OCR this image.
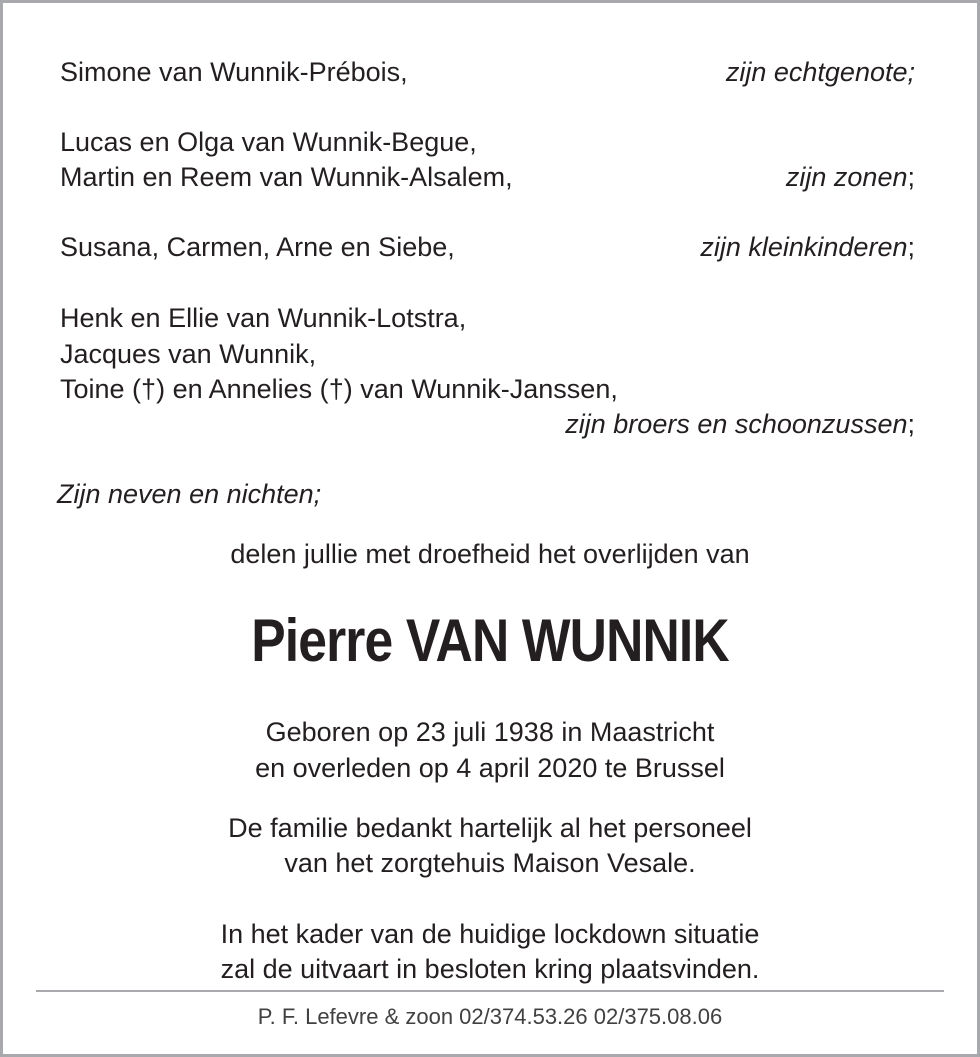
Simone van Wunnik-Prébois,	zijn echtgenote;
Lucas en Olga van Wunnik-Begue,
Martin en Reem van Wunnik-Alsalem,	zijn zonen;
Susana, Carmen, Arne en Siebe,	zijn kleinkinderen;
Henk en Ellie van Wunnik-Lotstra,
Jacques van Wunnik,
Toine (†) en Annelies (†) van Wunnik-Janssen,
zijn broers en schoonzussen;
Zijn neven en nichten;
delen jullie met droefheid het overlijden van
Pierre VAN WUNNIK
Geboren op 23 juli 1938 in Maastricht
en overleden op 4 april 2020 te Brussel
De familie bedankt hartelijk al het personeel
van het zorgtehuis Maison Vesale.
In het kader van de huidige lockdown situatie
zal de uitvaart in besloten kring plaatsvinden.
P. F. Lefevre & zoon 02/374.53.26 02/375.08.06
